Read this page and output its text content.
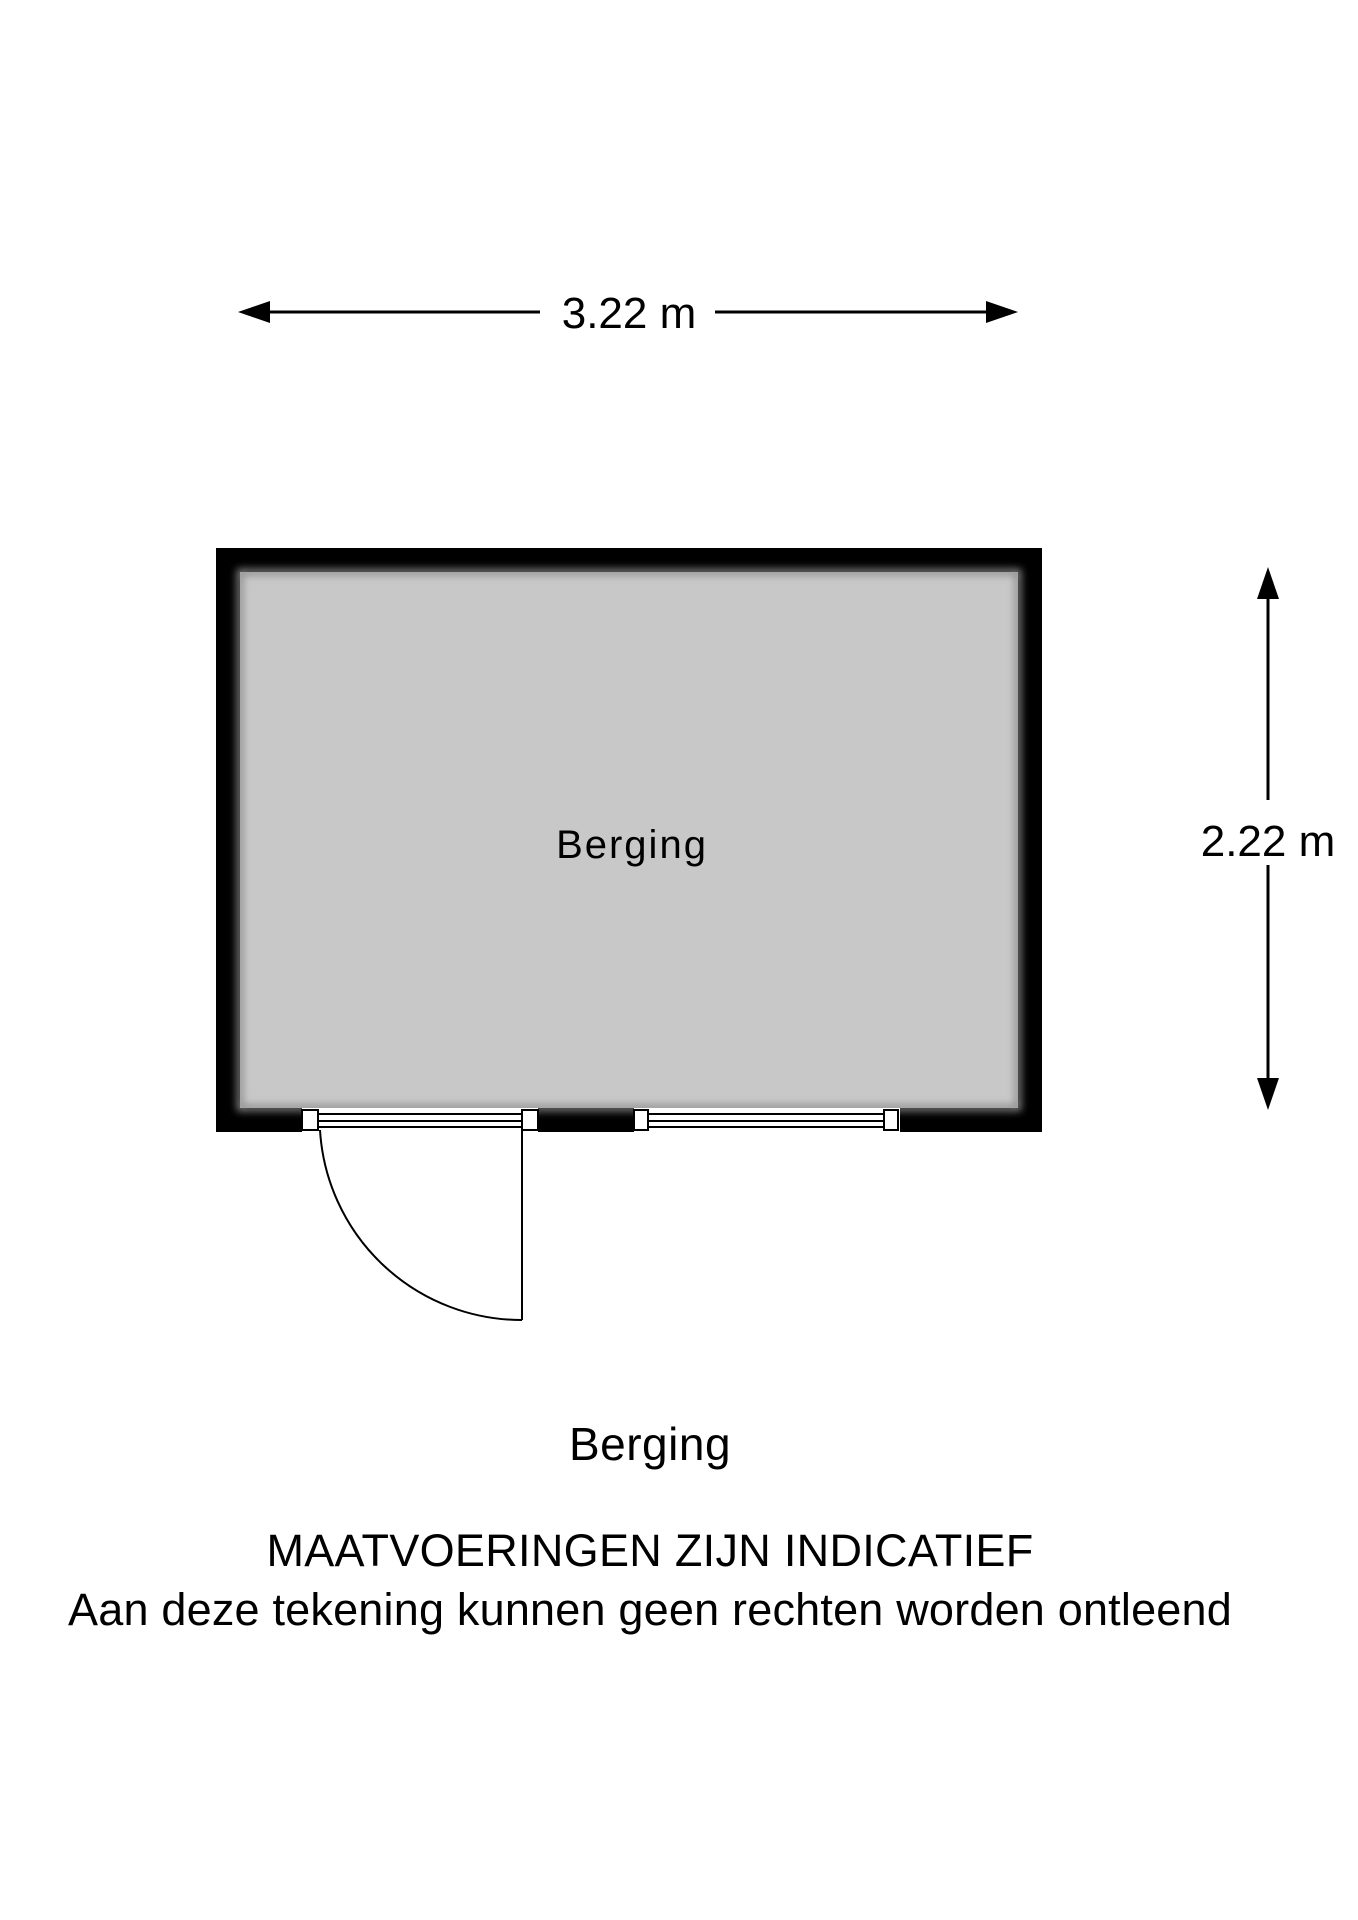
3.22 m
2.22 m
Berging
Berging
MAATVOERINGEN ZIJN INDICATIEF
Aan deze tekening kunnen geen rechten worden ontleend
